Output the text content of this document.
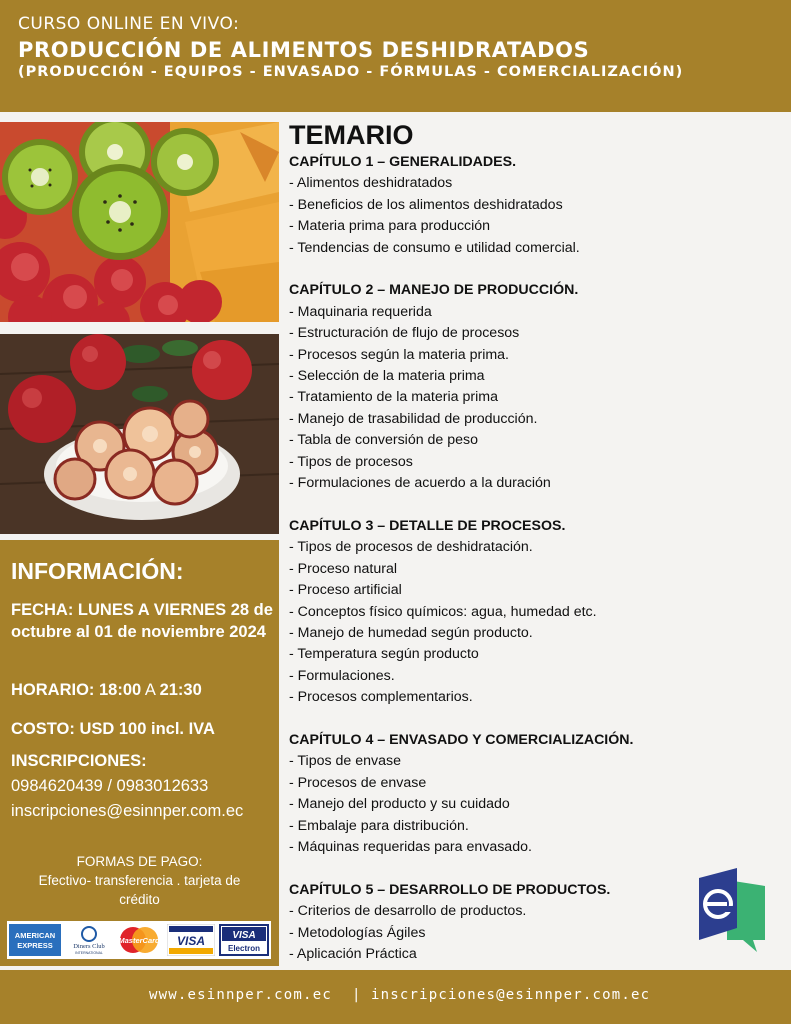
CURSO ONLINE EN VIVO:
PRODUCCIÓN DE ALIMENTOS DESHIDRATADOS
(PRODUCCIÓN - EQUIPOS - ENVASADO - FÓRMULAS - COMERCIALIZACIÓN)
INFORMACIÓN:
FECHA: LUNES A VIERNES 28 de octubre al 01 de noviembre 2024
HORARIO: 18:00 A 21:30
COSTO: USD 100 incl. IVA
INSCRIPCIONES:
0984620439 / 0983012633
inscripciones@esinnper.com.ec
FORMAS DE PAGO:
Efectivo- transferencia . tarjeta de crédito
AMERICAN
EXPRESS	Diners Club
INTERNATIONAL
MasterCard VISA	VISA
Electron
TEMARIO
CAPÍTULO 1 – GENERALIDADES.
- Alimentos deshidratados
- Beneficios de los alimentos deshidratados
- Materia prima para producción
- Tendencias de consumo e utilidad comercial.
CAPÍTULO 2 – MANEJO DE PRODUCCIÓN.
- Maquinaria requerida
- Estructuración de flujo de procesos
- Procesos según la materia prima.
- Selección de la materia prima
- Tratamiento de la materia prima
- Manejo de trasabilidad de producción.
- Tabla de conversión de peso
- Tipos de procesos
- Formulaciones de acuerdo a la duración
CAPÍTULO 3 – DETALLE DE PROCESOS.
- Tipos de procesos de deshidratación.
- Proceso natural
- Proceso artificial
- Conceptos físico químicos: agua, humedad etc.
- Manejo de humedad según producto.
- Temperatura según producto
- Formulaciones.
- Procesos complementarios.
CAPÍTULO 4 – ENVASADO Y COMERCIALIZACIÓN.
- Tipos de envase
- Procesos de envase
- Manejo del producto y su cuidado
- Embalaje para distribución.
- Máquinas requeridas para envasado.
CAPÍTULO 5 – DESARROLLO DE PRODUCTOS.
- Criterios de desarrollo de productos.
- Metodologías Ágiles
- Aplicación Práctica
www.esinnper.com.ec | inscripciones@esinnper.com.ec
